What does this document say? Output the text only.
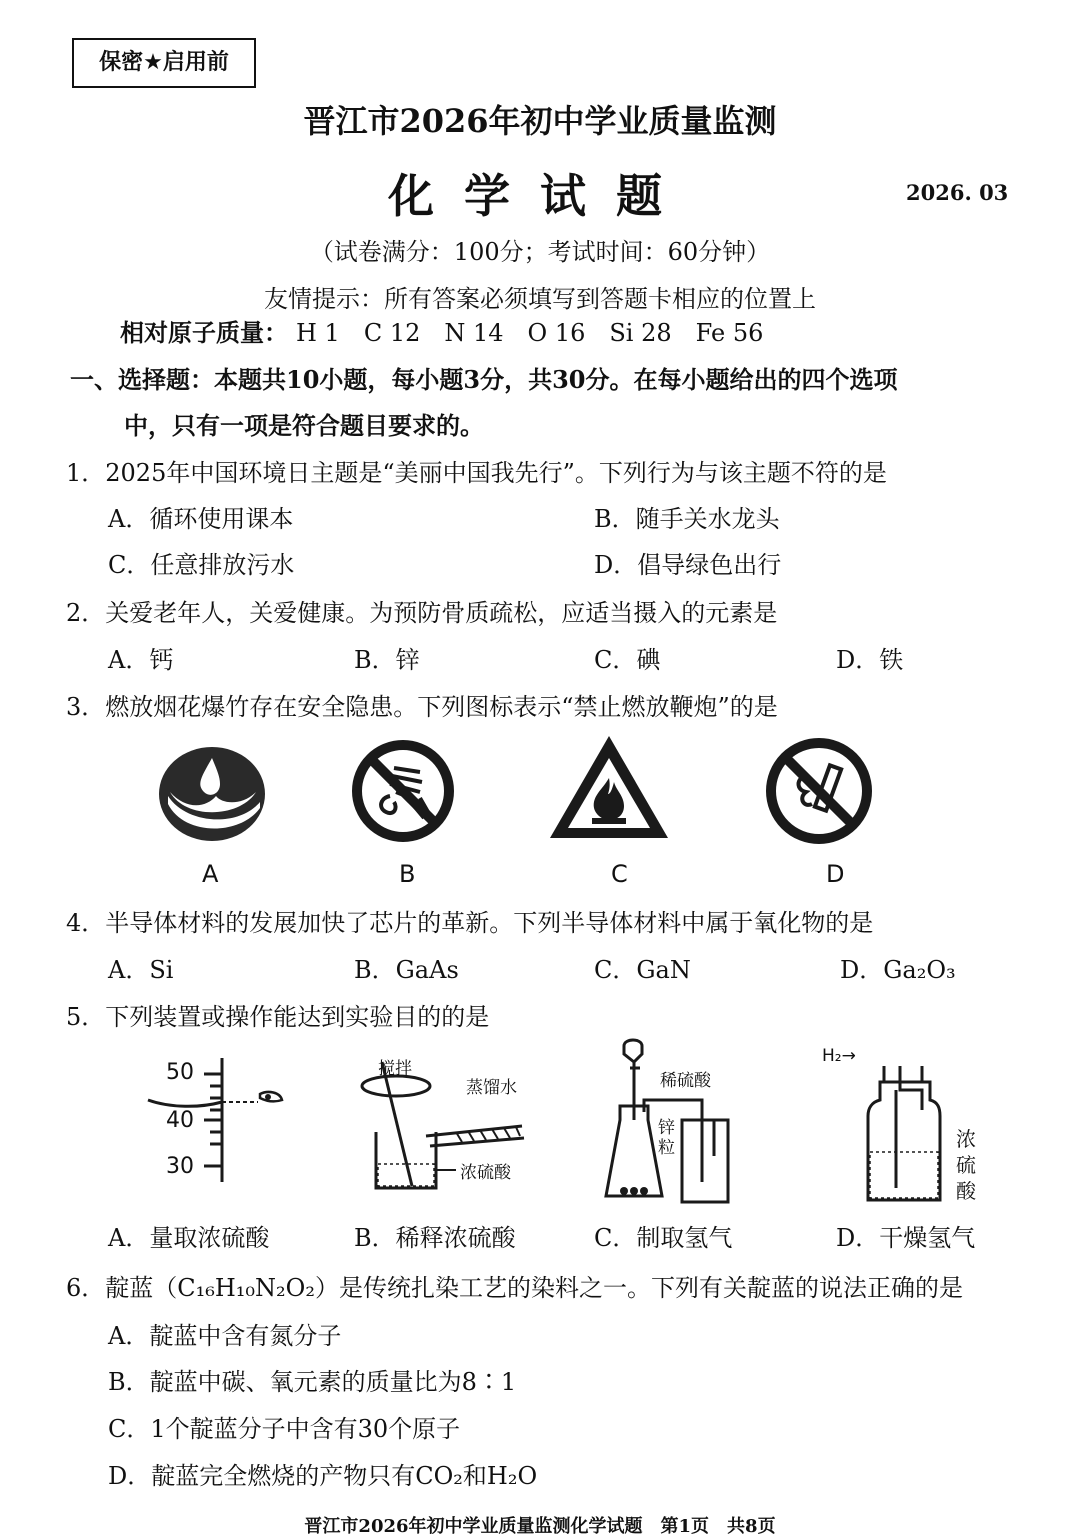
保密★启用前
晋江市2026年初中学业质量监测
化学试题	2026. 03
（试卷满分：100分；考试时间：60分钟）
友情提示：所有答案必须填写到答题卡相应的位置上
相对原子质量： H 1　C 12　N 14　O 16　Si 28　Fe 56
一、选择题：本题共10小题，每小题3分，共30分。在每小题给出的四个选项
中，只有一项是符合题目要求的。
1．2025年中国环境日主题是“美丽中国我先行”。下列行为与该主题不符的是
A．循环使用课本	B．随手关水龙头
C．任意排放污水	D．倡导绿色出行
2．关爱老年人，关爱健康。为预防骨质疏松，应适当摄入的元素是
A．钙	B．锌	C．碘	D．铁
3．燃放烟花爆竹存在安全隐患。下列图标表示“禁止燃放鞭炮”的是
A	B	C	D
4．半导体材料的发展加快了芯片的革新。下列半导体材料中属于氧化物的是
A．Si	B．GaAs	C．GaN	D．Ga₂O₃
5．下列装置或操作能达到实验目的的是
50
40
30
搅拌
蒸馏水
浓硫酸
稀硫酸
锌粒
H₂→
浓硫酸
A．量取浓硫酸	B．稀释浓硫酸	C．制取氢气	D．干燥氢气
6．靛蓝（C₁₆H₁₀N₂O₂）是传统扎染工艺的染料之一。下列有关靛蓝的说法正确的是
A．靛蓝中含有氮分子
B．靛蓝中碳、氧元素的质量比为8∶1
C．1个靛蓝分子中含有30个原子
D．靛蓝完全燃烧的产物只有CO₂和H₂O
晋江市2026年初中学业质量监测化学试题　第1页　共8页
